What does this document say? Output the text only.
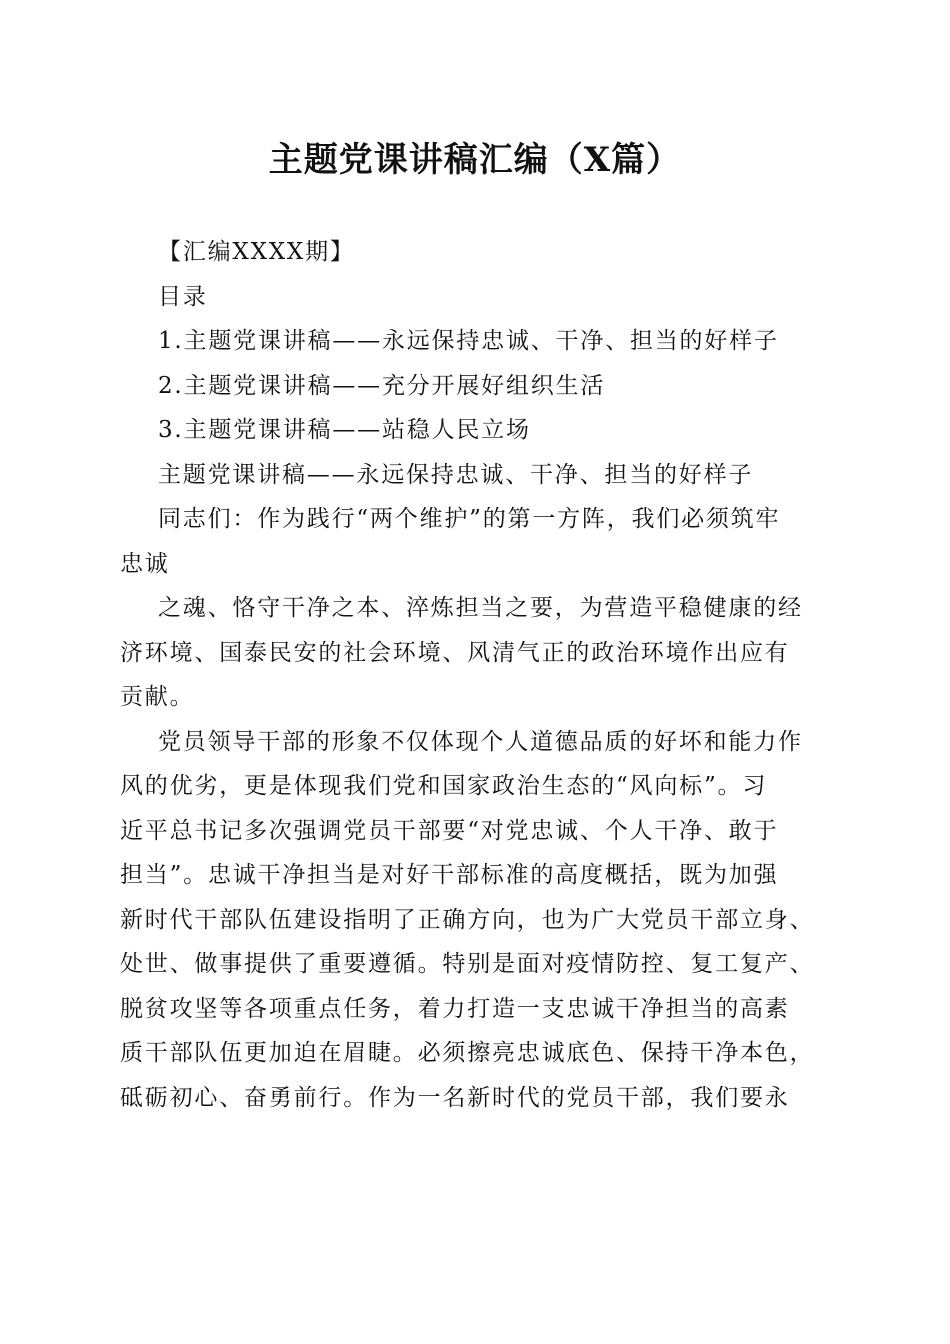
主题党课讲稿汇编（X篇）
【汇编XXXX期】
目录
1.主题党课讲稿——永远保持忠诚、干净、担当的好样子
2.主题党课讲稿——充分开展好组织生活
3.主题党课讲稿——站稳人民立场
主题党课讲稿——永远保持忠诚、干净、担当的好样子
同志们：作为践行“两个维护”的第一方阵，我们必须筑牢
忠诚
之魂、恪守干净之本、淬炼担当之要，为营造平稳健康的经
济环境、国泰民安的社会环境、风清气正的政治环境作出应有
贡献。
党员领导干部的形象不仅体现个人道德品质的好坏和能力作
风的优劣，更是体现我们党和国家政治生态的“风向标”。习
近平总书记多次强调党员干部要“对党忠诚、个人干净、敢于
担当”。忠诚干净担当是对好干部标准的高度概括，既为加强
新时代干部队伍建设指明了正确方向，也为广大党员干部立身、
处世、做事提供了重要遵循。特别是面对疫情防控、复工复产、
脱贫攻坚等各项重点任务，着力打造一支忠诚干净担当的高素
质干部队伍更加迫在眉睫。必须擦亮忠诚底色、保持干净本色，
砥砺初心、奋勇前行。作为一名新时代的党员干部，我们要永
